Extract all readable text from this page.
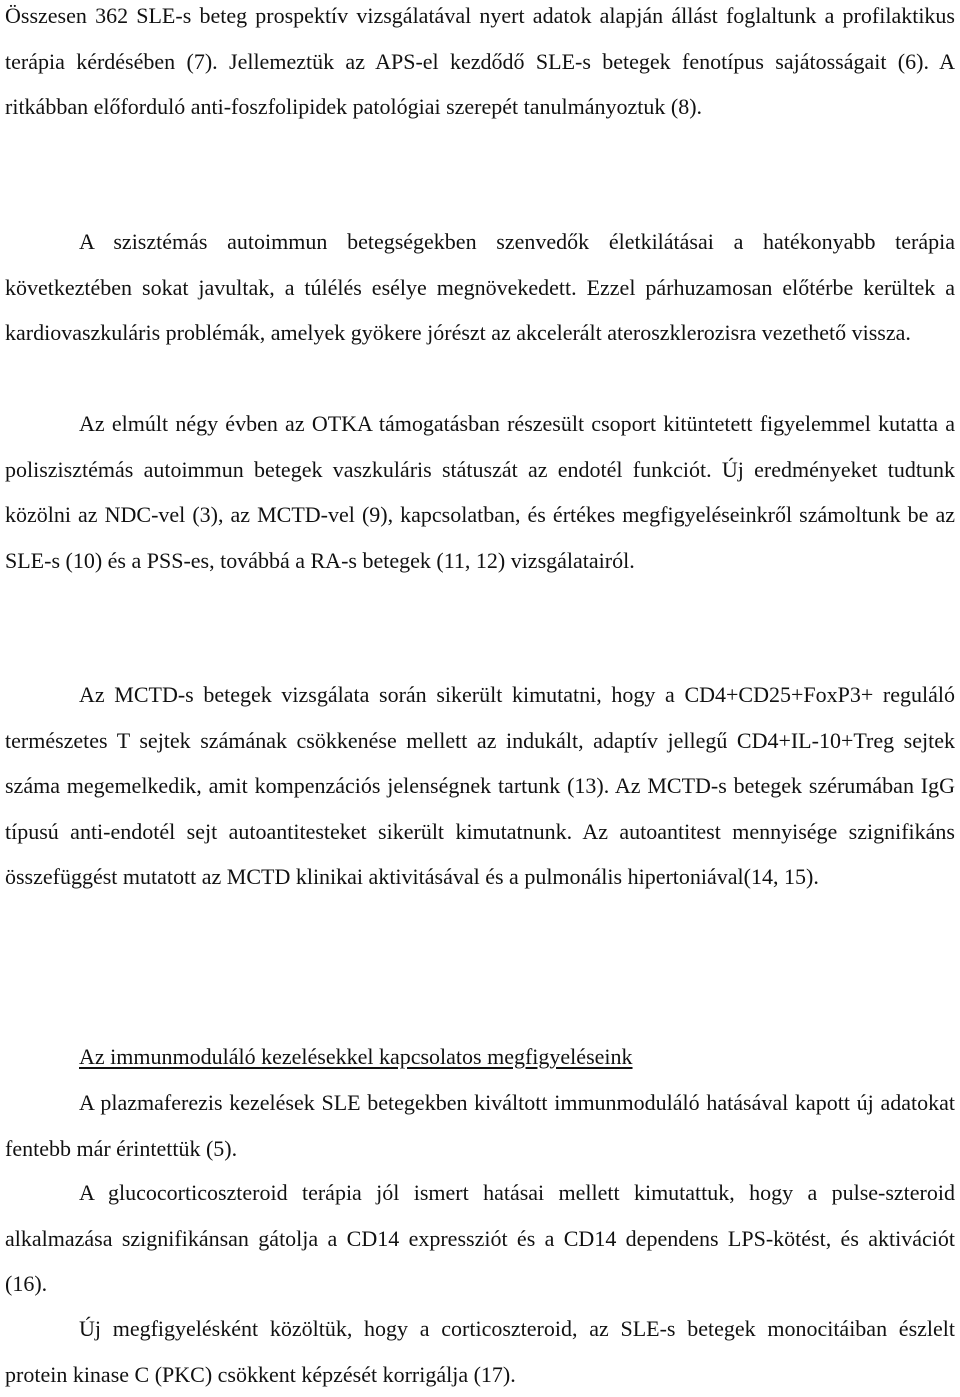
Összesen 362 SLE-s beteg prospektív vizsgálatával nyert adatok alapján állást foglaltunk a profilaktikus terápia kérdésében (7). Jellemeztük az APS-el kezdődő SLE-s betegek fenotípus sajátosságait (6). A ritkábban előforduló anti-foszfolipidek patológiai szerepét tanulmányoztuk (8).

A szisztémás autoimmun betegségekben szenvedők életkilátásai a hatékonyabb terápia következtében sokat javultak, a túlélés esélye megnövekedett. Ezzel párhuzamosan előtérbe kerültek a kardiovaszkuláris problémák, amelyek gyökere jórészt az akcelerált ateroszklerozisra vezethető vissza.

Az elmúlt négy évben az OTKA támogatásban részesült csoport kitüntetett figyelemmel kutatta a poliszisztémás autoimmun betegek vaszkuláris státuszát az endotél funkciót. Új eredményeket tudtunk közölni az NDC-vel (3), az MCTD-vel (9), kapcsolatban, és értékes megfigyeléseinkről számoltunk be az SLE-s (10) és a PSS-es, továbbá a RA-s betegek (11, 12) vizsgálatairól.

Az MCTD-s betegek vizsgálata során sikerült kimutatni, hogy a CD4+CD25+FoxP3+ reguláló természetes T sejtek számának csökkenése mellett az indukált, adaptív jellegű CD4+IL-10+Treg sejtek száma megemelkedik, amit kompenzációs jelenségnek tartunk (13). Az MCTD-s betegek szérumában IgG típusú anti-endotél sejt autoantitesteket sikerült kimutatnunk. Az autoantitest mennyisége szignifikáns összefüggést mutatott az MCTD klinikai aktivitásával és a pulmonális hipertoniával(14, 15).

Az immunmoduláló kezelésekkel kapcsolatos megfigyeléseink

A plazmaferezis kezelések SLE betegekben kiváltott immunmoduláló hatásával kapott új adatokat fentebb már érintettük (5).

A glucocorticoszteroid terápia jól ismert hatásai mellett kimutattuk, hogy a pulse-szteroid alkalmazása szignifikánsan gátolja a CD14 expressziót és a CD14 dependens LPS-kötést, és aktivációt (16).

Új megfigyelésként közöltük, hogy a corticoszteroid, az SLE-s betegek monocitáiban észlelt protein kinase C (PKC) csökkent képzését korrigálja (17).
